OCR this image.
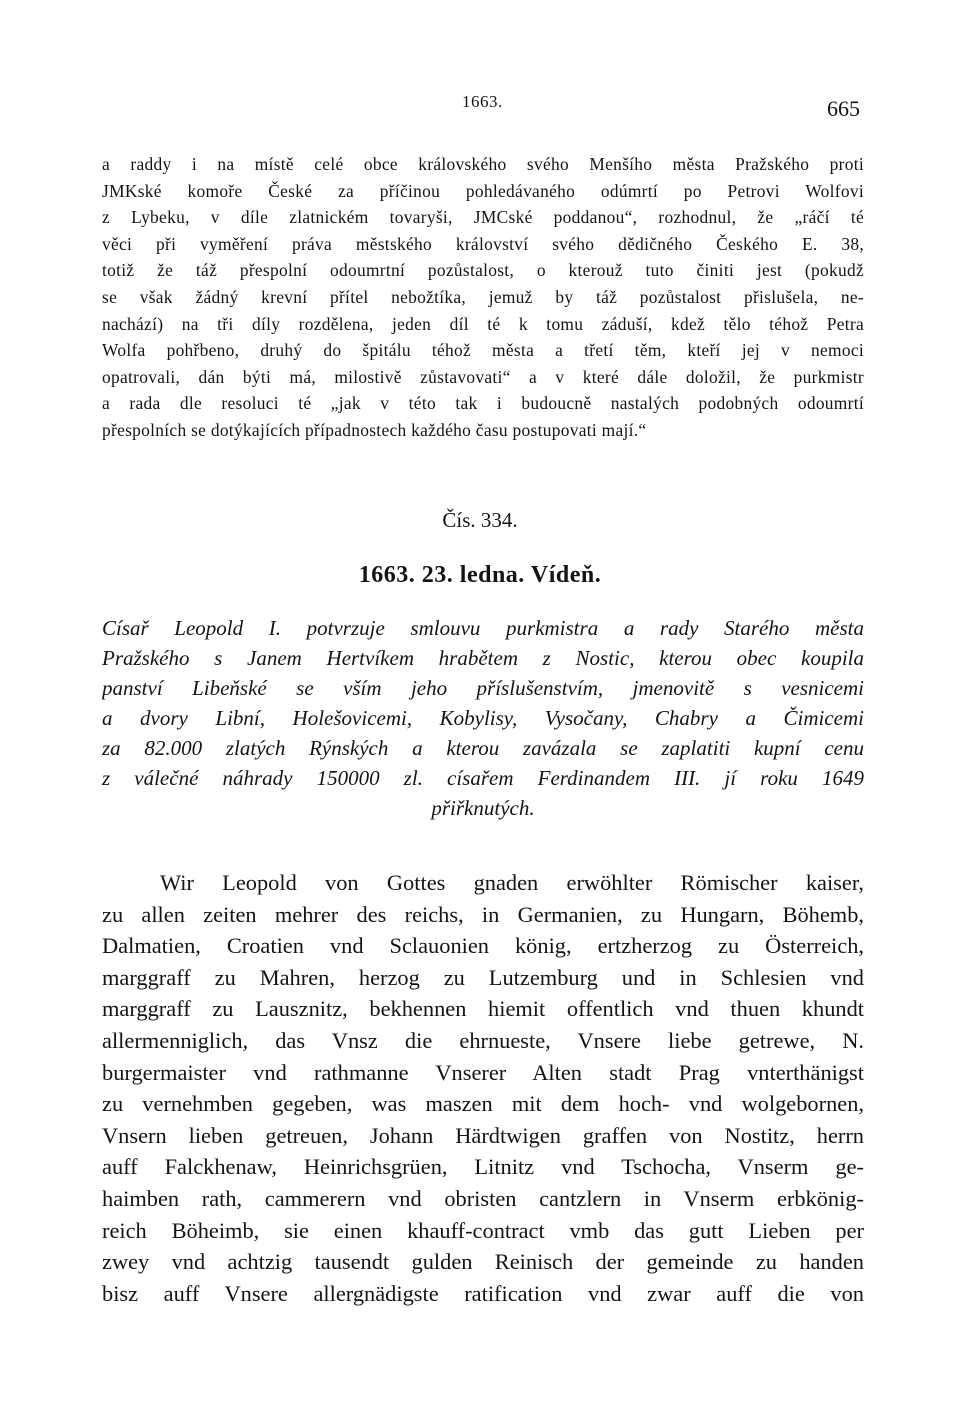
1663.	665
a raddy i na místě celé obce královského svého Menšího města Pražského proti
JMKské komoře České za příčinou pohledávaného odúmrtí po Petrovi Wolfovi
z Lybeku, v díle zlatnickém tovaryši, JMCské poddanou“, rozhodnul, že „ráčí té
věci při vyměření práva městského království svého dědičného Českého E. 38,
totiž že táž přespolní odoumrtní pozůstalost, o kterouž tuto činiti jest (pokudž
se však žádný krevní přítel nebožtíka, jemuž by táž pozůstalost přislušela, ne-
nachází) na tři díly rozdělena, jeden díl té k tomu záduší, kdež tělo téhož Petra
Wolfa pohřbeno, druhý do špitálu téhož města a třetí těm, kteří jej v nemoci
opatrovali, dán býti má, milostivě zůstavovati“ a v které dále doložil, že purkmistr
a rada dle resoluci té „jak v této tak i budoucně nastalých podobných odoumrtí
přespolních se dotýkajících případnostech každého času postupovati mají.“
Čís. 334.
1663. 23. ledna. Vídeň.
Císař Leopold I. potvrzuje smlouvu purkmistra a rady Starého města
Pražského s Janem Hertvíkem hrabětem z Nostic, kterou obec koupila
panství Libeňské se vším jeho příslušenstvím, jmenovitě s vesnicemi
a dvory Libní, Holešovicemi, Kobylisy, Vysočany, Chabry a Čimicemi
za 82.000 zlatých Rýnských a kterou zavázala se zaplatiti kupní cenu
z válečné náhrady 150000 zl. císařem Ferdinandem III. jí roku 1649
přiřknutých.
Wir Leopold von Gottes gnaden erwöhlter Römischer kaiser,
zu allen zeiten mehrer des reichs, in Germanien, zu Hungarn, Böhemb,
Dalmatien, Croatien vnd Sclauonien könig, ertzherzog zu Österreich,
marggraff zu Mahren, herzog zu Lutzemburg und in Schlesien vnd
marggraff zu Lausznitz, bekhennen hiemit offentlich vnd thuen khundt
allermenniglich, das Vnsz die ehrnueste, Vnsere liebe getrewe, N.
burgermaister vnd rathmanne Vnserer Alten stadt Prag vnterthänigst
zu vernehmben gegeben, was maszen mit dem hoch- vnd wolgebornen,
Vnsern lieben getreuen, Johann Härdtwigen graffen von Nostitz, herrn
auff Falckhenaw, Heinrichsgrüen, Litnitz vnd Tschocha, Vnserm ge-
haimben rath, cammerern vnd obristen cantzlern in Vnserm erbkönig-
reich Böheimb, sie einen khauff-contract vmb das gutt Lieben per
zwey vnd achtzig tausendt gulden Reinisch der gemeinde zu handen
bisz auff Vnsere allergnädigste ratification vnd zwar auff die von
